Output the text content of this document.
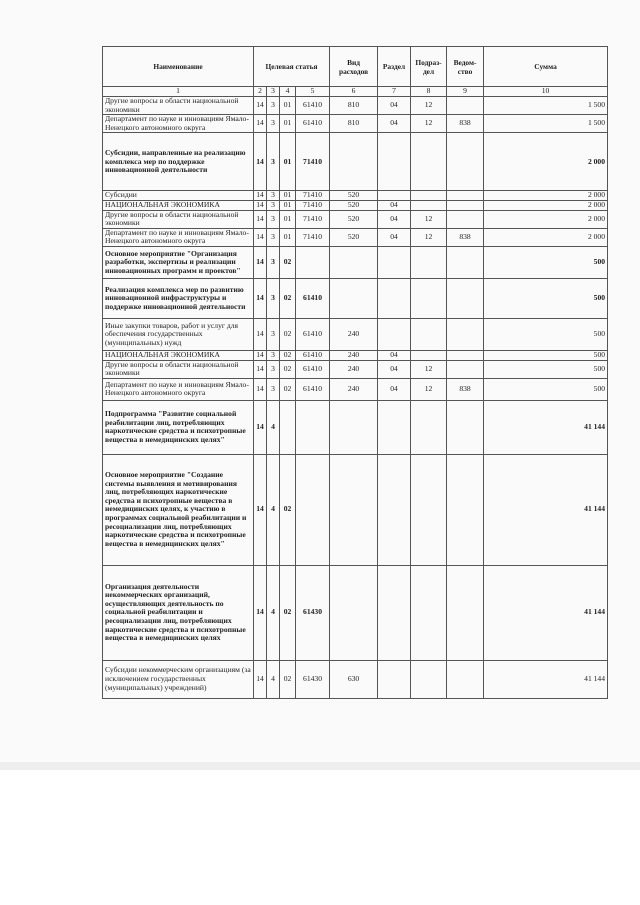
Наименование	Целевая статья				Вид расходов	Раздел	Подраз-дел	Ведом-ство	Сумма
1	2	3	4	5	6	7	8	9	10
Другие вопросы в области национальной экономики	14	3	01	61410	810	04	12		1 500
Департамент по науке и инновациям Ямало-Ненецкого автономного округа	14	3	01	61410	810	04	12	838	1 500
Субсидии, направленные на реализацию комплекса мер по поддержке инновационной деятельности	14	3	01	71410					2 000
Субсидии	14	3	01	71410	520				2 000
НАЦИОНАЛЬНАЯ ЭКОНОМИКА	14	3	01	71410	520	04			2 000
Другие вопросы в области национальной экономики	14	3	01	71410	520	04	12		2 000
Департамент по науке и инновациям Ямало-Ненецкого автономного округа	14	3	01	71410	520	04	12	838	2 000
Основное мероприятие "Организация разработки, экспертизы и реализации инновационных программ и проектов"	14	3	02						500
Реализация комплекса мер по развитию инновационной инфраструктуры и поддержке инновационной деятельности	14	3	02	61410					500
Иные закупки товаров, работ и услуг для обеспечения государственных (муниципальных) нужд	14	3	02	61410	240				500
НАЦИОНАЛЬНАЯ ЭКОНОМИКА	14	3	02	61410	240	04			500
Другие вопросы в области национальной экономики	14	3	02	61410	240	04	12		500
Департамент по науке и инновациям Ямало-Ненецкого автономного округа	14	3	02	61410	240	04	12	838	500
Подпрограмма "Развитие социальной реабилитации лиц, потребляющих наркотические средства и психотропные вещества в немедицинских целях"	14	4							41 144
Основное мероприятие "Создание системы выявления и мотивирования лиц, потребляющих наркотические средства и психотропные вещества в немедицинских целях, к участию в программах социальной реабилитации и ресоциализации лиц, потребляющих наркотические средства и психотропные вещества в немедицинских целях"	14	4	02						41 144
Организация деятельности некоммерческих организаций, осуществляющих деятельность по социальной реабилитации и ресоциализации лиц, потребляющих наркотические средства и психотропные вещества в немедицинских целях	14	4	02	61430					41 144
Субсидии некоммерческим организациям (за исключением государственных (муниципальных) учреждений)	14	4	02	61430	630				41 144
